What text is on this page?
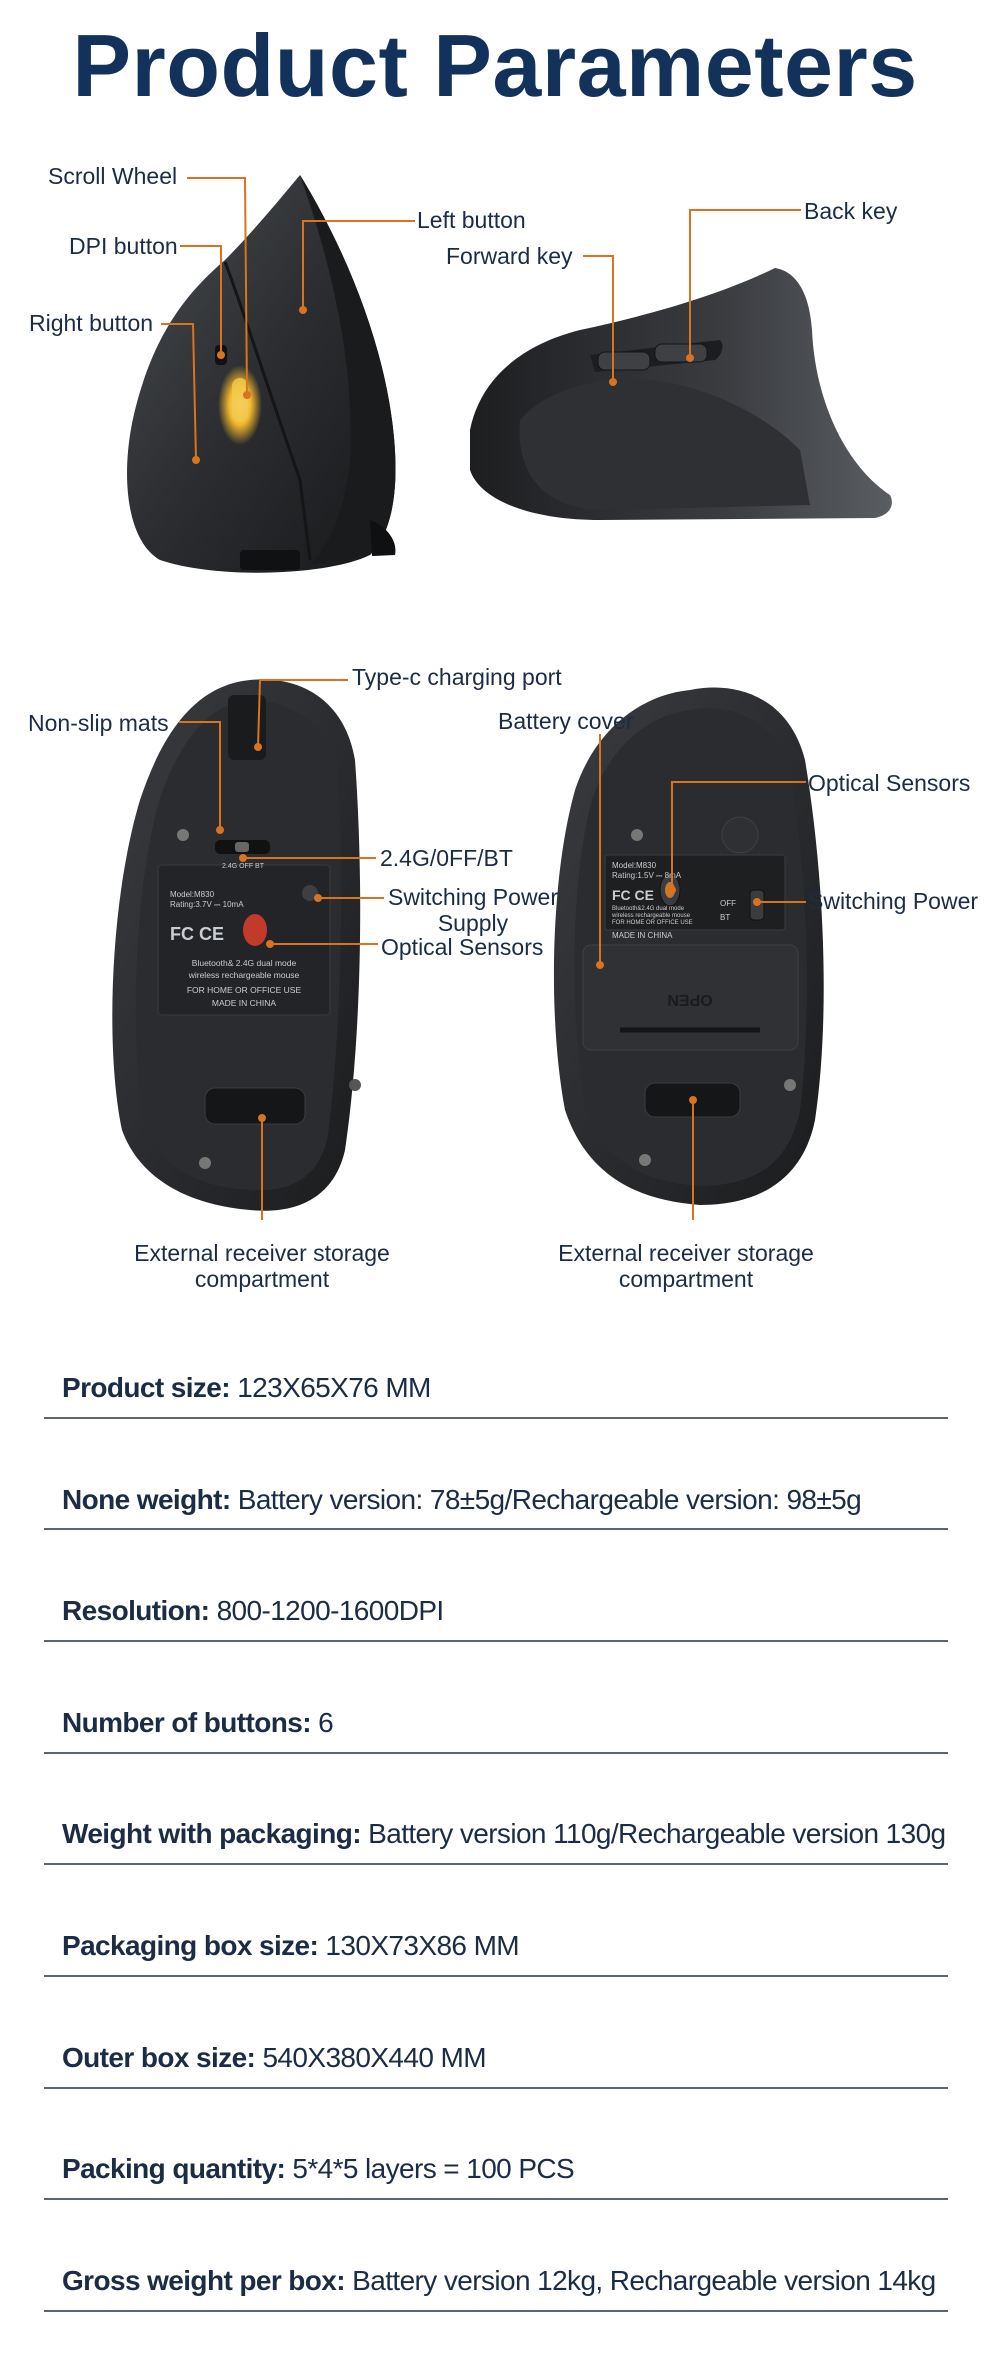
Product Parameters
Model:M830
Rating:3.7V ⎓ 10mA
2.4G OFF BT
FC CE
Bluetooth& 2.4G dual mode
wireless rechargeable mouse
FOR HOME OR OFFICE USE
MADE IN CHINA
Model:M830
Rating:1.5V ⎓ 8mA
FC CE
Bluetooth&2.4G dual mode
wireless rechargeable mouse
FOR HOME OR OFFICE USE
MADE IN CHINA
OFF
BT
OPEN
Scroll Wheel
DPI button
Right button
Left button
Forward key
Back key
Type-c charging port
Non-slip mats
2.4G/0FF/BT
Switching Power
Supply
Optical Sensors
Battery cover
Optical Sensors
Switching Power
External receiver storage
compartment
External receiver storage
compartment
Product size: 123X65X76 MM
None weight: Battery version: 78±5g/Rechargeable version: 98±5g
Resolution: 800-1200-1600DPI
Number of buttons: 6
Weight with packaging: Battery version 110g/Rechargeable version 130g
Packaging box size: 130X73X86 MM
Outer box size: 540X380X440 MM
Packing quantity: 5*4*5 layers = 100 PCS
Gross weight per box: Battery version 12kg, Rechargeable version 14kg
